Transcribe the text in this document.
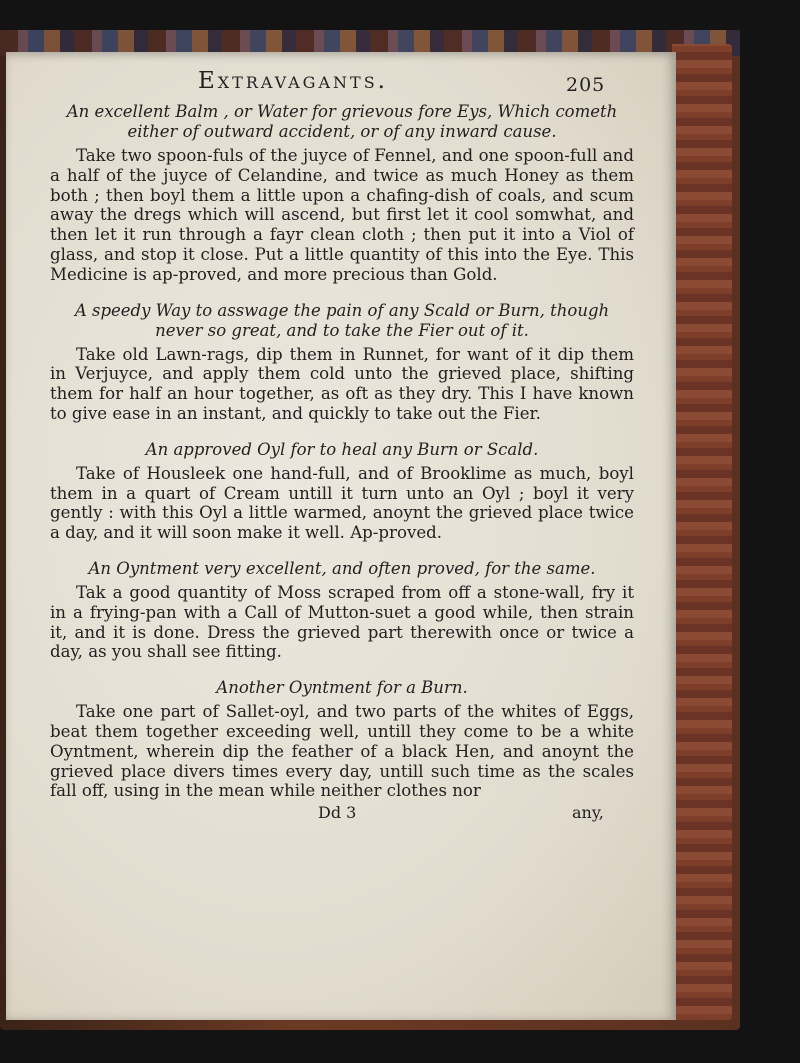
Extravagants.	205

An excellent Balm , or Water for grievous fore Eys, Which cometh either of outward accident, or of any inward cause.

Take two spoon-fuls of the juyce of Fennel, and one spoon-full and a half of the juyce of Celandine, and twice as much Honey as them both ; then boyl them a little upon a chafing-dish of coals, and scum away the dregs which will ascend, but first let it cool somwhat, and then let it run through a fayr clean cloth ; then put it into a Viol of glass, and stop it close. Put a little quantity of this into the Eye. This Medicine is ap-proved, and more precious than Gold.

A speedy Way to asswage the pain of any Scald or Burn, though never so great, and to take the Fier out of it.

Take old Lawn-rags, dip them in Runnet, for want of it dip them in Verjuyce, and apply them cold unto the grieved place, shifting them for half an hour together, as oft as they dry. This I have known to give ease in an instant, and quickly to take out the Fier.

An approved Oyl for to heal any Burn or Scald.

Take of Housleek one hand-full, and of Brooklime as much, boyl them in a quart of Cream untill it turn unto an Oyl ; boyl it very gently : with this Oyl a little warmed, anoynt the grieved place twice a day, and it will soon make it well. Ap-proved.

An Oyntment very excellent, and often proved, for the same.

Tak a good quantity of Moss scraped from off a stone-wall, fry it in a frying-pan with a Call of Mutton-suet a good while, then strain it, and it is done. Dress the grieved part therewith once or twice a day, as you shall see fitting.

Another Oyntment for a Burn.

Take one part of Sallet-oyl, and two parts of the whites of Eggs, beat them together exceeding well, untill they come to be a white Oyntment, wherein dip the feather of a black Hen, and anoynt the grieved place divers times every day, untill such time as the scales fall off, using in the mean while neither clothes nor

Dd 3	any,
